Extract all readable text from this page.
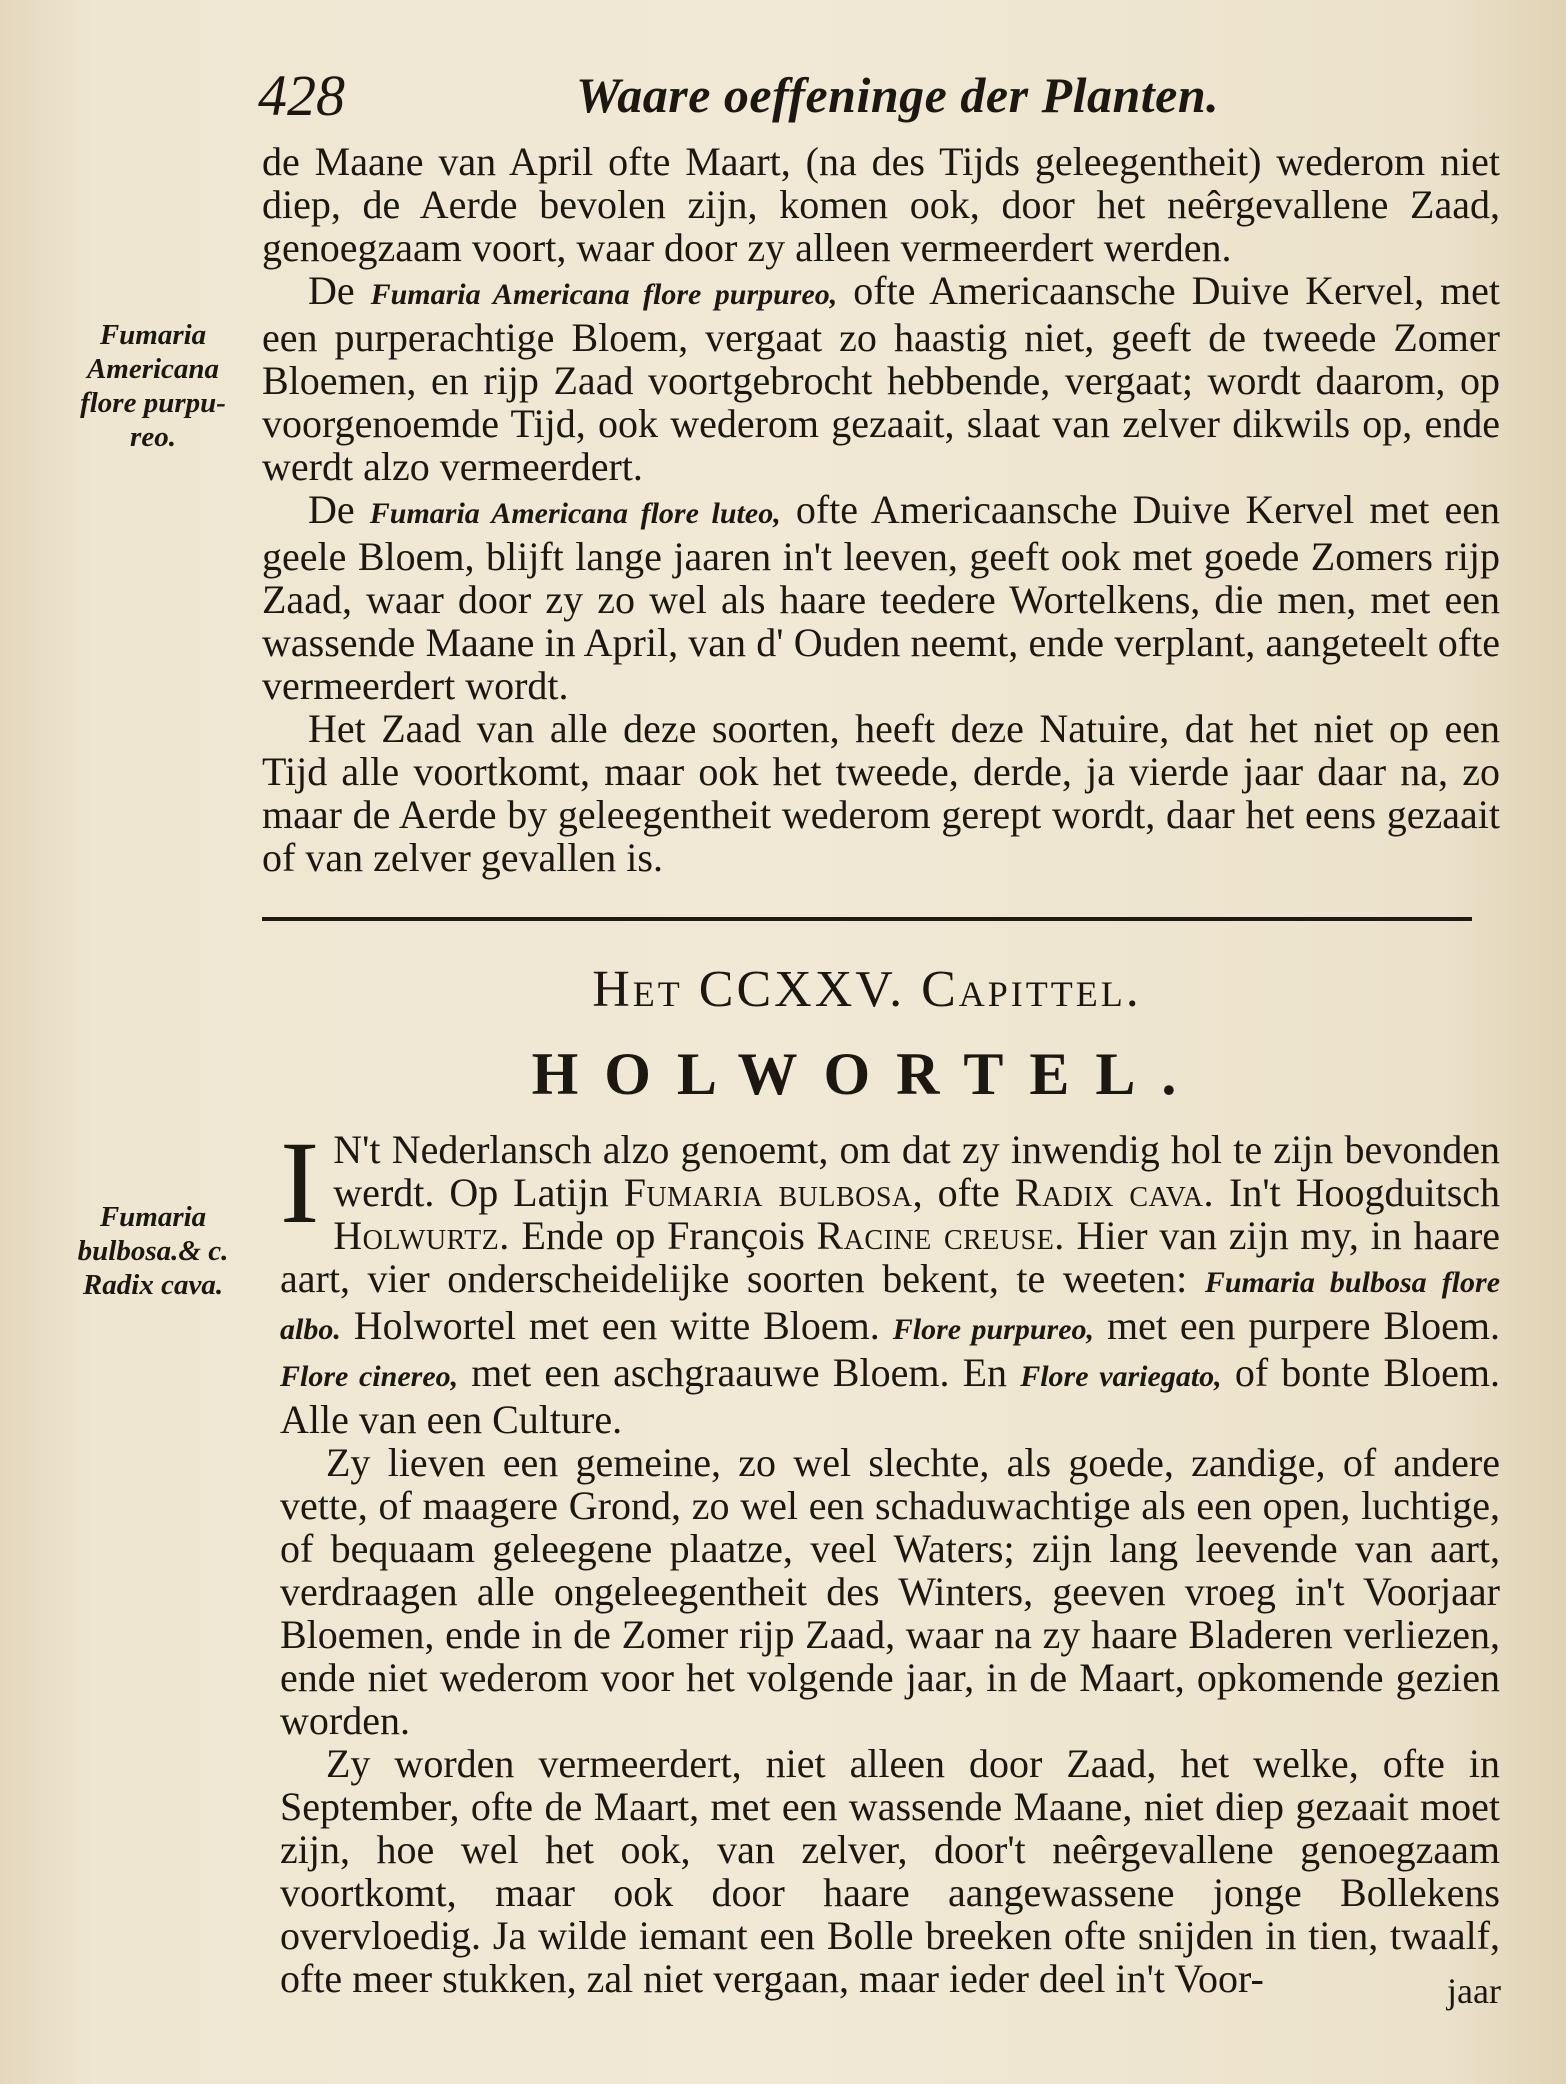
428	Waare oeffeninge der Planten.

de Maane van April ofte Maart, (na des Tijds geleegentheit) wederom niet diep, de Aerde bevolen zijn, komen ook, door het neêrgevallene Zaad, genoegzaam voort, waar door zy alleen vermeerdert werden.

De Fumaria Americana flore purpureo, ofte Americaansche Duive Kervel, met een purperachtige Bloem, vergaat zo haastig niet, geeft de tweede Zomer Bloemen, en rijp Zaad voortgebrocht hebbende, vergaat; wordt daarom, op voorgenoemde Tijd, ook wederom gezaait, slaat van zelver dikwils op, ende werdt alzo vermeerdert.

De Fumaria Americana flore luteo, ofte Americaansche Duive Kervel met een geele Bloem, blijft lange jaaren in't leeven, geeft ook met goede Zomers rijp Zaad, waar door zy zo wel als haare teedere Wortelkens, die men, met een wassende Maane in April, van d' Ouden neemt, ende verplant, aangeteelt ofte vermeerdert wordt.

Het Zaad van alle deze soorten, heeft deze Natuire, dat het niet op een Tijd alle voortkomt, maar ook het tweede, derde, ja vierde jaar daar na, zo maar de Aerde by geleegentheit wederom gerept wordt, daar het eens gezaait of van zelver gevallen is.

Fumaria Americana flore purpu-reo.
Het CCXXV. Capittel.
HOLWORTEL.
Fumaria bulbosa.& c. Radix cava.

I N't Nederlansch alzo genoemt, om dat zy inwendig hol te zijn bevonden werdt. Op Latijn Fumaria bulbosa, ofte Radix cava. In't Hoogduitsch Holwurtz. Ende op François Racine creuse. Hier van zijn my, in haare aart, vier onderscheidelijke soorten bekent, te weeten: Fumaria bulbosa flore albo. Holwortel met een witte Bloem. Flore purpureo, met een purpere Bloem. Flore cinereo, met een aschgraauwe Bloem. En Flore variegato, of bonte Bloem. Alle van een Culture.

Zy lieven een gemeine, zo wel slechte, als goede, zandige, of andere vette, of maagere Grond, zo wel een schaduwachtige als een open, luchtige, of bequaam geleegene plaatze, veel Waters; zijn lang leevende van aart, verdraagen alle ongeleegentheit des Winters, geeven vroeg in't Voorjaar Bloemen, ende in de Zomer rijp Zaad, waar na zy haare Bladeren verliezen, ende niet wederom voor het volgende jaar, in de Maart, opkomende gezien worden.

Zy worden vermeerdert, niet alleen door Zaad, het welke, ofte in September, ofte de Maart, met een wassende Maane, niet diep gezaait moet zijn, hoe wel het ook, van zelver, door't neêrgevallene genoegzaam voortkomt, maar ook door haare aangewassene jonge Bollekens overvloedig. Ja wilde iemant een Bolle breeken ofte snijden in tien, twaalf, ofte meer stukken, zal niet vergaan, maar ieder deel in't Voor-	jaar
